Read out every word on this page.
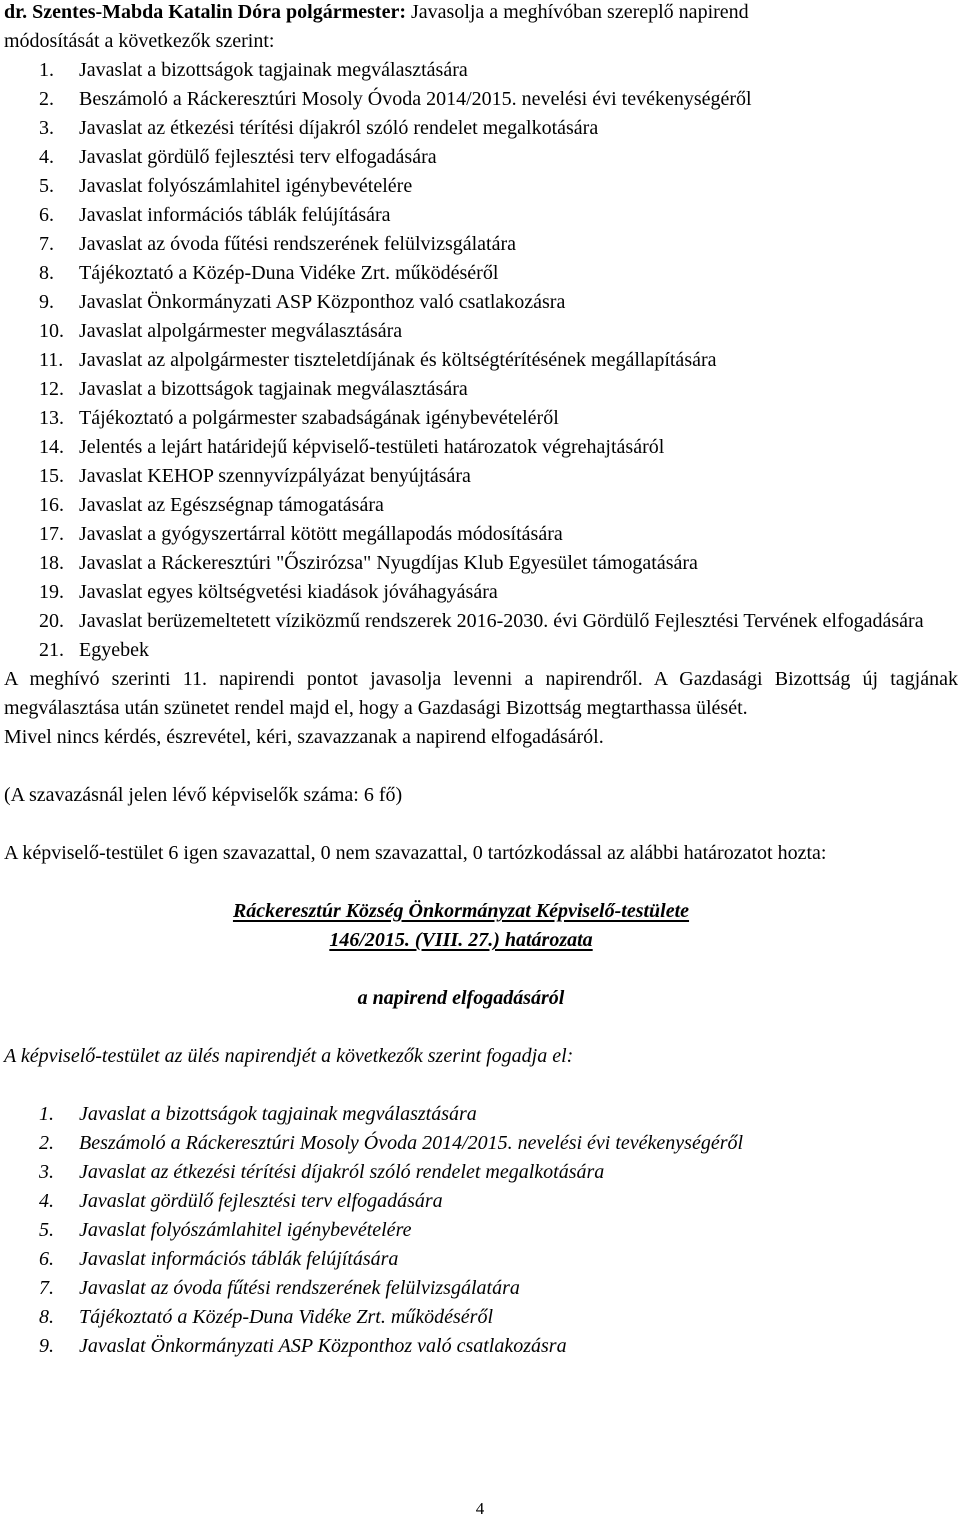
dr. Szentes-Mabda Katalin Dóra polgármester: Javasolja a meghívóban szereplő napirend
módosítását a következők szerint:
1. Javaslat a bizottságok tagjainak megválasztására
2. Beszámoló a Ráckeresztúri Mosoly Óvoda 2014/2015. nevelési évi tevékenységéről
3. Javaslat az étkezési térítési díjakról szóló rendelet megalkotására
4. Javaslat gördülő fejlesztési terv elfogadására
5. Javaslat folyószámlahitel igénybevételére
6. Javaslat információs táblák felújítására
7. Javaslat az óvoda fűtési rendszerének felülvizsgálatára
8. Tájékoztató a Közép-Duna Vidéke Zrt. működéséről
9. Javaslat Önkormányzati ASP Központhoz való csatlakozásra
10. Javaslat alpolgármester megválasztására
11. Javaslat az alpolgármester tiszteletdíjának és költségtérítésének megállapítására
12. Javaslat a bizottságok tagjainak megválasztására
13. Tájékoztató a polgármester szabadságának igénybevételéről
14. Jelentés a lejárt határidejű képviselő-testületi határozatok végrehajtásáról
15. Javaslat KEHOP szennyvízpályázat benyújtására
16. Javaslat az Egészségnap támogatására
17. Javaslat a gyógyszertárral kötött megállapodás módosítására
18. Javaslat a Ráckeresztúri "Őszirózsa" Nyugdíjas Klub Egyesület támogatására
19. Javaslat egyes költségvetési kiadások jóváhagyására
20. Javaslat berüzemeltetett víziközmű rendszerek 2016-2030. évi Gördülő Fejlesztési Tervének elfogadására
21. Egyebek
A meghívó szerinti 11. napirendi pontot javasolja levenni a napirendről. A Gazdasági Bizottság új tagjának megválasztása után szünetet rendel majd el, hogy a Gazdasági Bizottság megtarthassa ülését.
Mivel nincs kérdés, észrevétel, kéri, szavazzanak a napirend elfogadásáról.
(A szavazásnál jelen lévő képviselők száma: 6 fő)
A képviselő-testület 6 igen szavazattal, 0 nem szavazattal, 0 tartózkodással az alábbi határozatot hozta:
Ráckeresztúr Község Önkormányzat Képviselő-testülete
146/2015. (VIII. 27.) határozata
a napirend elfogadásáról
A képviselő-testület az ülés napirendjét a következők szerint fogadja el:
1. Javaslat a bizottságok tagjainak megválasztására
2. Beszámoló a Ráckeresztúri Mosoly Óvoda 2014/2015. nevelési évi tevékenységéről
3. Javaslat az étkezési térítési díjakról szóló rendelet megalkotására
4. Javaslat gördülő fejlesztési terv elfogadására
5. Javaslat folyószámlahitel igénybevételére
6. Javaslat információs táblák felújítására
7. Javaslat az óvoda fűtési rendszerének felülvizsgálatára
8. Tájékoztató a Közép-Duna Vidéke Zrt. működéséről
9. Javaslat Önkormányzati ASP Központhoz való csatlakozásra
4
